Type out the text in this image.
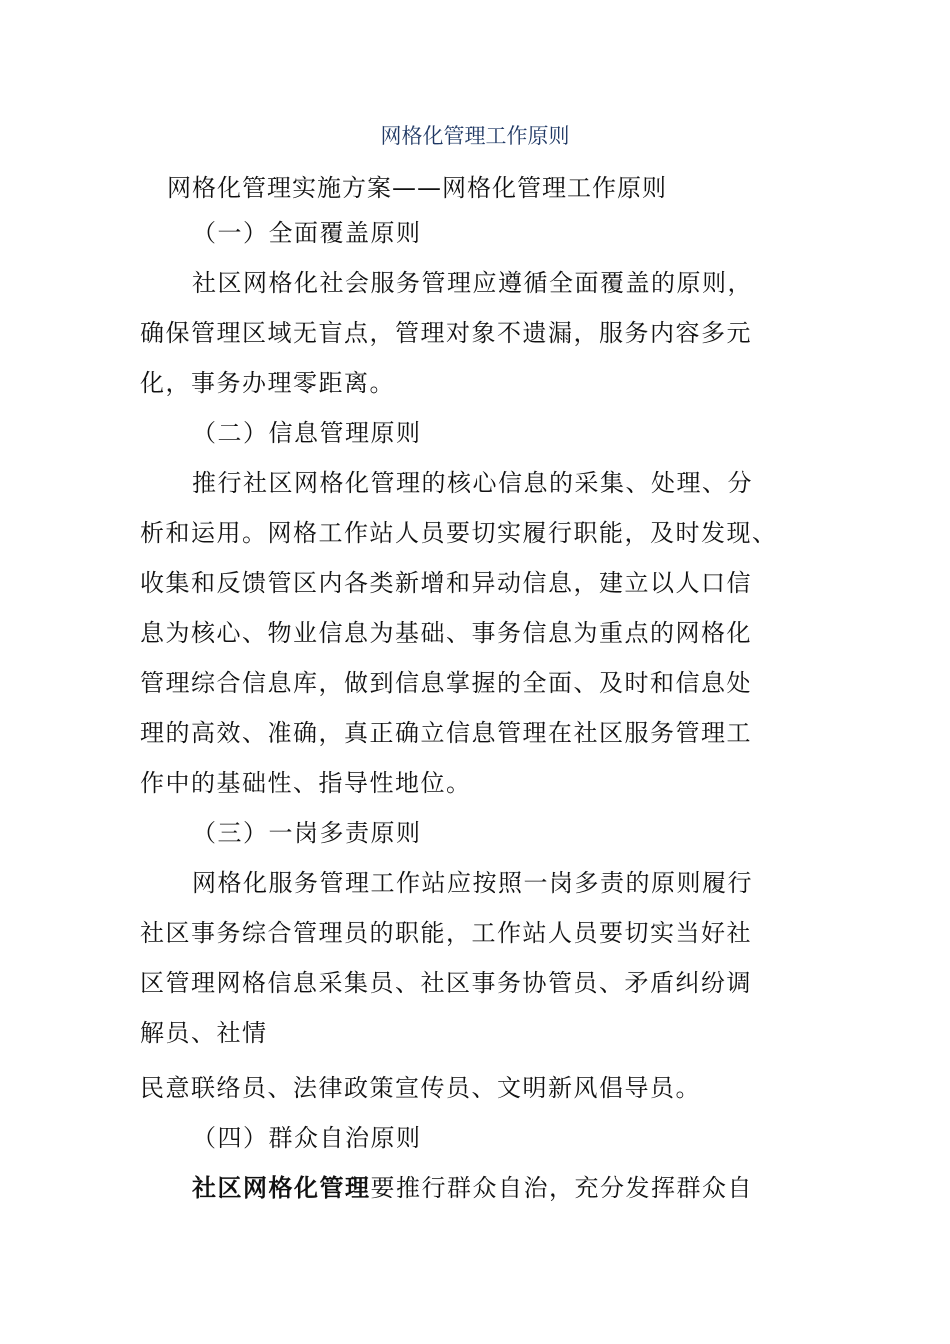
网格化管理工作原则
网格化管理实施方案——网格化管理工作原则
（一）全面覆盖原则
社区网格化社会服务管理应遵循全面覆盖的原则，
确保管理区域无盲点，管理对象不遗漏，服务内容多元
化，事务办理零距离。
（二）信息管理原则
推行社区网格化管理的核心信息的采集、处理、分
析和运用。网格工作站人员要切实履行职能，及时发现、
收集和反馈管区内各类新增和异动信息，建立以人口信
息为核心、物业信息为基础、事务信息为重点的网格化
管理综合信息库，做到信息掌握的全面、及时和信息处
理的高效、准确，真正确立信息管理在社区服务管理工
作中的基础性、指导性地位。
（三）一岗多责原则
网格化服务管理工作站应按照一岗多责的原则履行
社区事务综合管理员的职能，工作站人员要切实当好社
区管理网格信息采集员、社区事务协管员、矛盾纠纷调
解员、社情
民意联络员、法律政策宣传员、文明新风倡导员。
（四）群众自治原则
社区网格化管理要推行群众自治，充分发挥群众自
